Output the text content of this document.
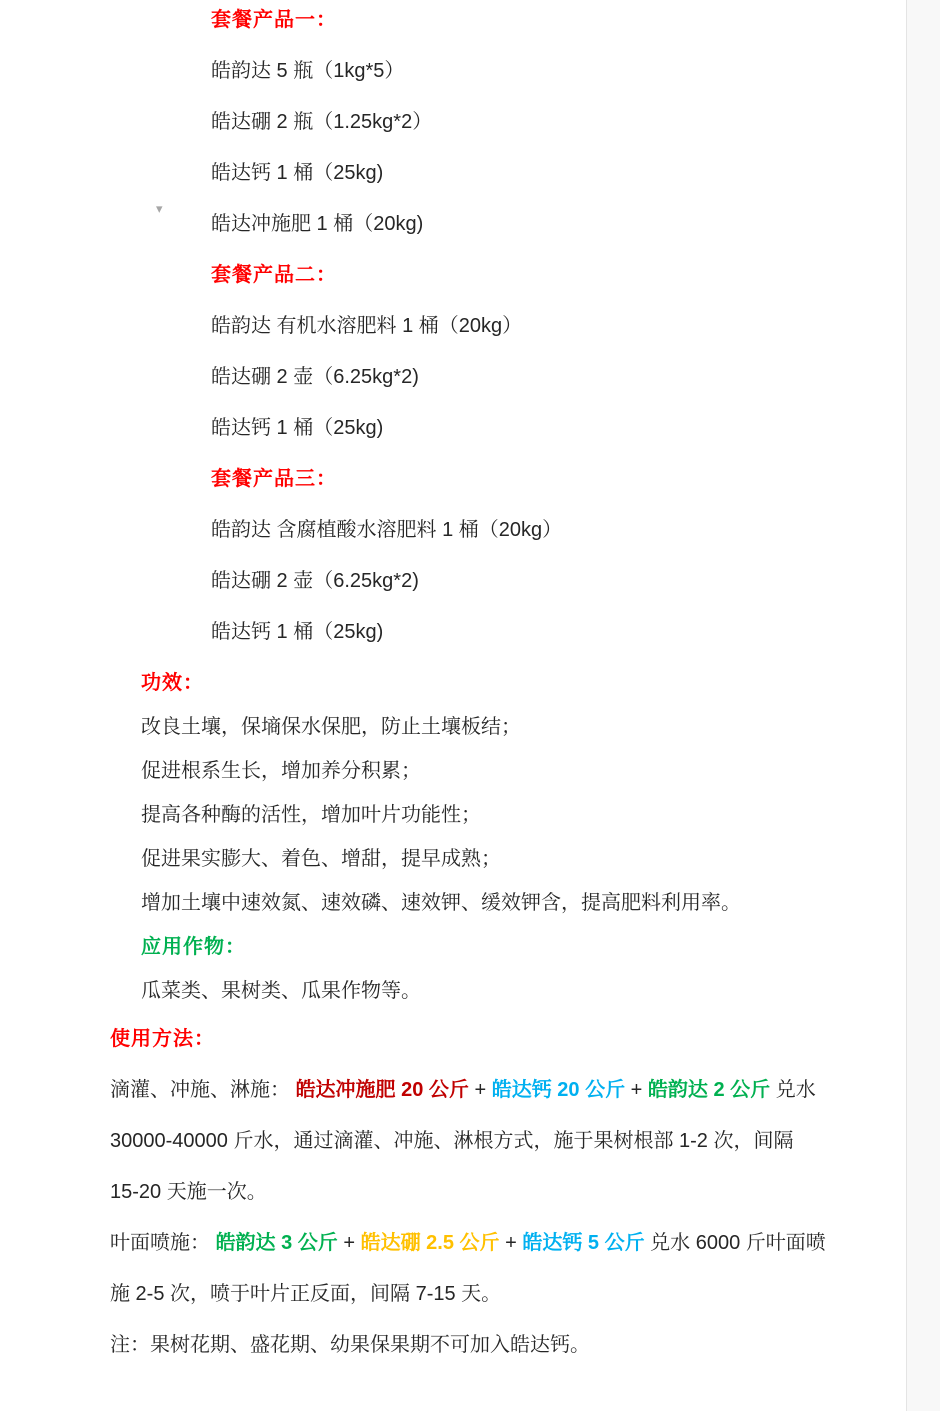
▾

套餐产品一：

皓韵达 5 瓶（1kg*5）

皓达硼 2 瓶（1.25kg*2）

皓达钙 1 桶（25kg)

皓达冲施肥 1 桶（20kg)

套餐产品二：

皓韵达 有机水溶肥料 1 桶（20kg）

皓达硼 2 壶（6.25kg*2)

皓达钙 1 桶（25kg)

套餐产品三：

皓韵达 含腐植酸水溶肥料 1 桶（20kg）

皓达硼 2 壶（6.25kg*2)

皓达钙 1 桶（25kg)

功效：

改良土壤，保墒保水保肥，防止土壤板结；

促进根系生长，增加养分积累；

提高各种酶的活性，增加叶片功能性；

促进果实膨大、着色、增甜，提早成熟；

增加土壤中速效氮、速效磷、速效钾、缓效钾含，提高肥料利用率。

应用作物：

瓜菜类、果树类、瓜果作物等。

使用方法：

滴灌、冲施、淋施： 皓达冲施肥 20 公斤 + 皓达钙 20 公斤 + 皓韵达 2 公斤 兑水

30000-40000 斤水，通过滴灌、冲施、淋根方式，施于果树根部 1-2 次，间隔

15-20 天施一次。

叶面喷施： 皓韵达 3 公斤 + 皓达硼 2.5 公斤 + 皓达钙 5 公斤 兑水 6000 斤叶面喷

施 2-5 次，喷于叶片正反面，间隔 7-15 天。

注：果树花期、盛花期、幼果保果期不可加入皓达钙。
